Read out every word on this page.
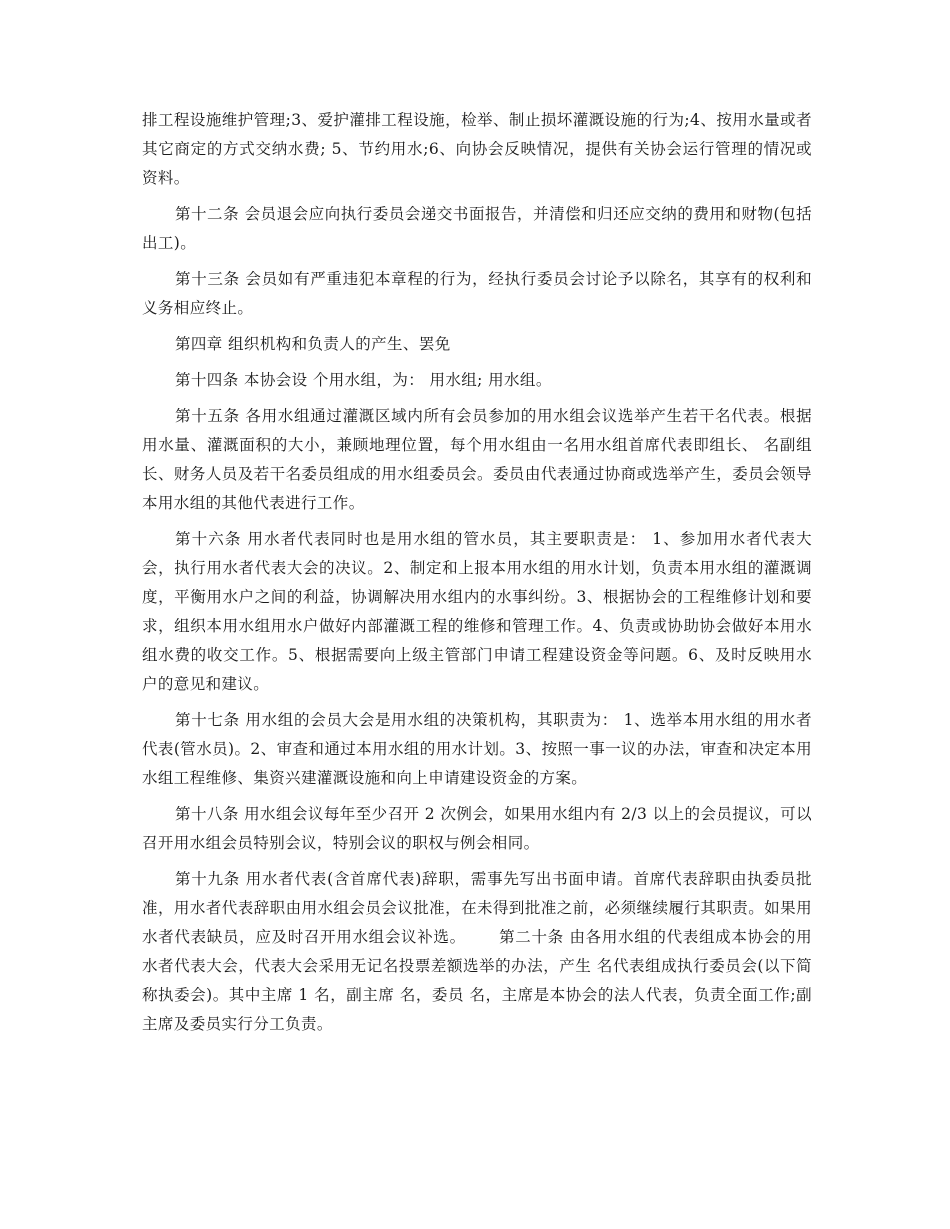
排工程设施维护管理;3、爱护灌排工程设施，检举、制止损坏灌溉设施的行为;4、按用水量或者其它商定的方式交纳水费; 5、节约用水;6、向协会反映情况，提供有关协会运行管理的情况或资料。

第十二条 会员退会应向执行委员会递交书面报告，并清偿和归还应交纳的费用和财物(包括出工)。

第十三条 会员如有严重违犯本章程的行为，经执行委员会讨论予以除名，其享有的权利和义务相应终止。

第四章 组织机构和负责人的产生、罢免

第十四条 本协会设 个用水组，为： 用水组; 用水组。

第十五条 各用水组通过灌溉区域内所有会员参加的用水组会议选举产生若干名代表。根据用水量、灌溉面积的大小，兼顾地理位置，每个用水组由一名用水组首席代表即组长、 名副组长、财务人员及若干名委员组成的用水组委员会。委员由代表通过协商或选举产生，委员会领导本用水组的其他代表进行工作。

第十六条 用水者代表同时也是用水组的管水员，其主要职责是： 1、参加用水者代表大会，执行用水者代表大会的决议。2、制定和上报本用水组的用水计划，负责本用水组的灌溉调度，平衡用水户之间的利益，协调解决用水组内的水事纠纷。3、根据协会的工程维修计划和要求，组织本用水组用水户做好内部灌溉工程的维修和管理工作。4、负责或协助协会做好本用水组水费的收交工作。5、根据需要向上级主管部门申请工程建设资金等问题。6、及时反映用水户的意见和建议。

第十七条 用水组的会员大会是用水组的决策机构，其职责为： 1、选举本用水组的用水者代表(管水员)。2、审查和通过本用水组的用水计划。3、按照一事一议的办法，审查和决定本用水组工程维修、集资兴建灌溉设施和向上申请建设资金的方案。

第十八条 用水组会议每年至少召开 2 次例会，如果用水组内有 2/3 以上的会员提议，可以召开用水组会员特别会议，特别会议的职权与例会相同。

第十九条 用水者代表(含首席代表)辞职，需事先写出书面申请。首席代表辞职由执委员批准，用水者代表辞职由用水组会员会议批准，在未得到批准之前，必须继续履行其职责。如果用水者代表缺员，应及时召开用水组会议补选。 第二十条 由各用水组的代表组成本协会的用水者代表大会，代表大会采用无记名投票差额选举的办法，产生 名代表组成执行委员会(以下简称执委会)。其中主席 1 名，副主席 名，委员 名，主席是本协会的法人代表，负责全面工作;副主席及委员实行分工负责。
